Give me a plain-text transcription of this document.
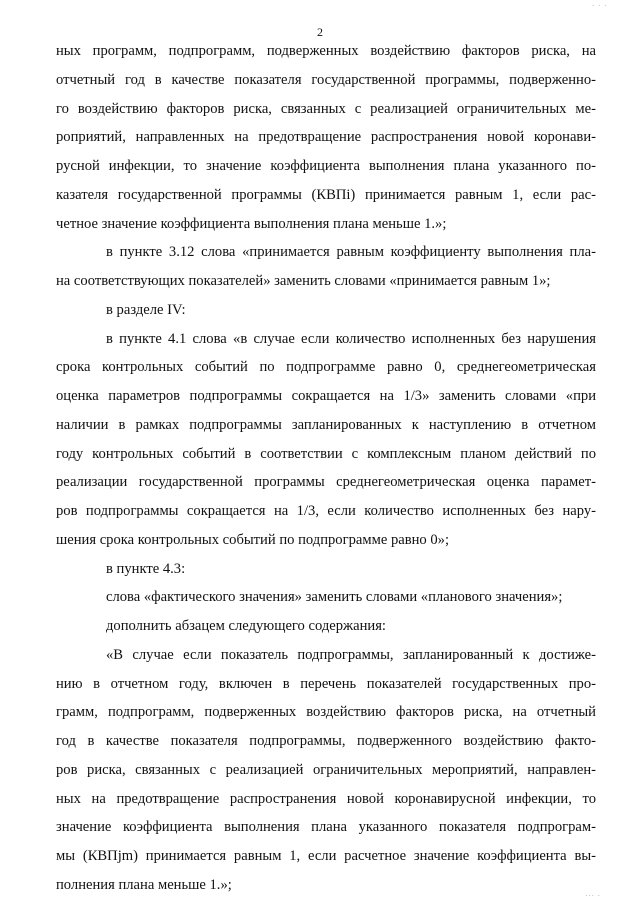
· · ·
2
ных программ, подпрограмм, подверженных воздействию факторов риска, на
отчетный год в качестве показателя государственной программы, подверженно-
го воздействию факторов риска, связанных с реализацией ограничительных ме-
роприятий, направленных на предотвращение распространения новой коронави-
русной инфекции, то значение коэффициента выполнения плана указанного по-
казателя государственной программы (КВПi) принимается равным 1, если рас-
четное значение коэффициента выполнения плана меньше 1.»;
в пункте 3.12 слова «принимается равным коэффициенту выполнения пла-
на соответствующих показателей» заменить словами «принимается равным 1»;
в разделе IV:
в пункте 4.1 слова «в случае если количество исполненных без нарушения
срока контрольных событий по подпрограмме равно 0, среднегеометрическая
оценка параметров подпрограммы сокращается на 1/3» заменить словами «при
наличии в рамках подпрограммы запланированных к наступлению в отчетном
году контрольных событий в соответствии с комплексным планом действий по
реализации государственной программы среднегеометрическая оценка парамет-
ров подпрограммы сокращается на 1/3, если количество исполненных без нару-
шения срока контрольных событий по подпрограмме равно 0»;
в пункте 4.3:
слова «фактического значения» заменить словами «планового значения»;
дополнить абзацем следующего содержания:
«В случае если показатель подпрограммы, запланированный к достиже-
нию в отчетном году, включен в перечень показателей государственных про-
грамм, подпрограмм, подверженных воздействию факторов риска, на отчетный
год в качестве показателя подпрограммы, подверженного воздействию факто-
ров риска, связанных с реализацией ограничительных мероприятий, направлен-
ных на предотвращение распространения новой коронавирусной инфекции, то
значение коэффициента выполнения плана указанного показателя подпрограм-
мы (КВПjm) принимается равным 1, если расчетное значение коэффициента вы-
полнения плана меньше 1.»;
··· ·
